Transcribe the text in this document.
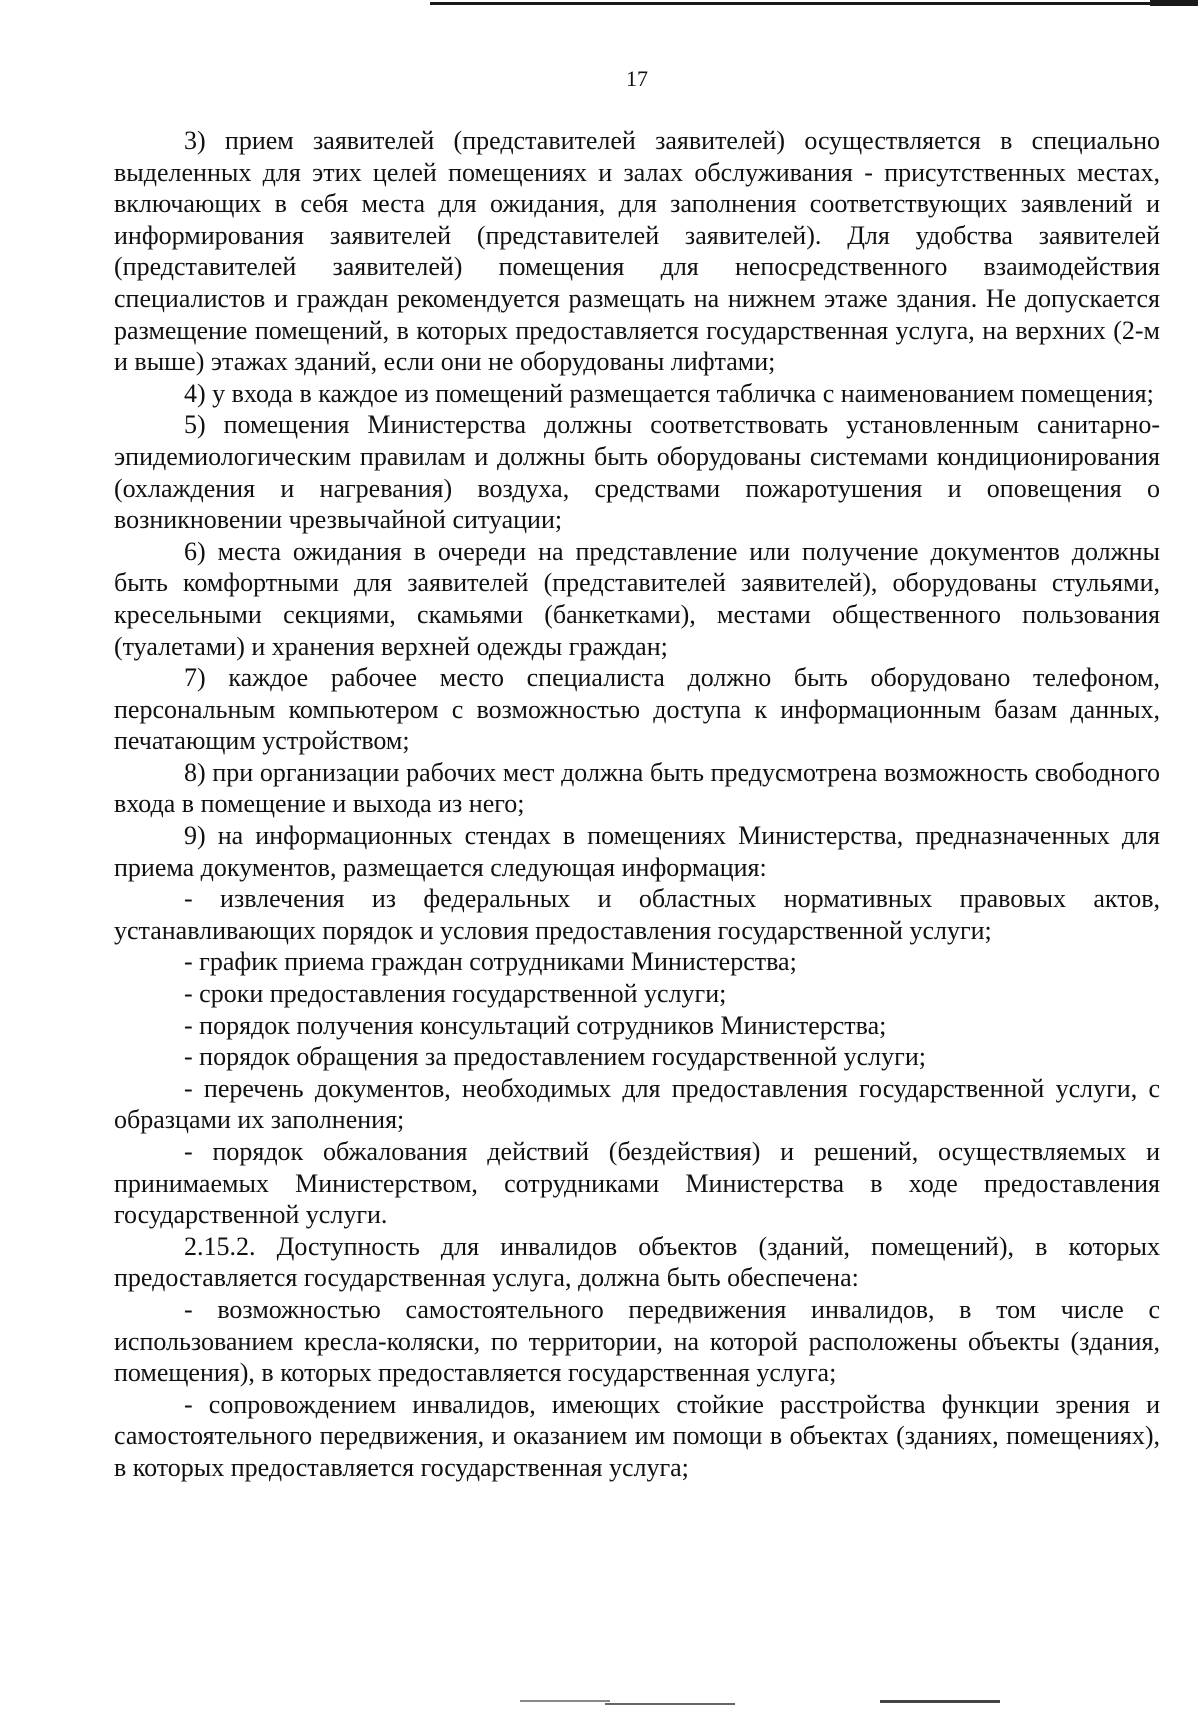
17

3) прием заявителей (представителей заявителей) осуществляется в специально выделенных для этих целей помещениях и залах обслуживания - присутственных местах, включающих в себя места для ожидания, для заполнения соответствующих заявлений и информирования заявителей (представителей заявителей). Для удобства заявителей (представителей заявителей) помещения для непосредственного взаимодействия специалистов и граждан рекомендуется размещать на нижнем этаже здания. Не допускается размещение помещений, в которых предоставляется государственная услуга, на верхних (2-м и выше) этажах зданий, если они не оборудованы лифтами;

4) у входа в каждое из помещений размещается табличка с наименованием помещения;

5) помещения Министерства должны соответствовать установленным санитарно-эпидемиологическим правилам и должны быть оборудованы системами кондиционирования (охлаждения и нагревания) воздуха, средствами пожаротушения и оповещения о возникновении чрезвычайной ситуации;

6) места ожидания в очереди на представление или получение документов должны быть комфортными для заявителей (представителей заявителей), оборудованы стульями, кресельными секциями, скамьями (банкетками), местами общественного пользования (туалетами) и хранения верхней одежды граждан;

7) каждое рабочее место специалиста должно быть оборудовано телефоном, персональным компьютером с возможностью доступа к информационным базам данных, печатающим устройством;

8) при организации рабочих мест должна быть предусмотрена возможность свободного входа в помещение и выхода из него;

9) на информационных стендах в помещениях Министерства, предназначенных для приема документов, размещается следующая информация:

- извлечения из федеральных и областных нормативных правовых актов, устанавливающих порядок и условия предоставления государственной услуги;

- график приема граждан сотрудниками Министерства;

- сроки предоставления государственной услуги;

- порядок получения консультаций сотрудников Министерства;

- порядок обращения за предоставлением государственной услуги;

- перечень документов, необходимых для предоставления государственной услуги, с образцами их заполнения;

- порядок обжалования действий (бездействия) и решений, осуществляемых и принимаемых Министерством, сотрудниками Министерства в ходе предоставления государственной услуги.

2.15.2. Доступность для инвалидов объектов (зданий, помещений), в которых предоставляется государственная услуга, должна быть обеспечена:

- возможностью самостоятельного передвижения инвалидов, в том числе с использованием кресла-коляски, по территории, на которой расположены объекты (здания, помещения), в которых предоставляется государственная услуга;

- сопровождением инвалидов, имеющих стойкие расстройства функции зрения и самостоятельного передвижения, и оказанием им помощи в объектах (зданиях, помещениях), в которых предоставляется государственная услуга;
